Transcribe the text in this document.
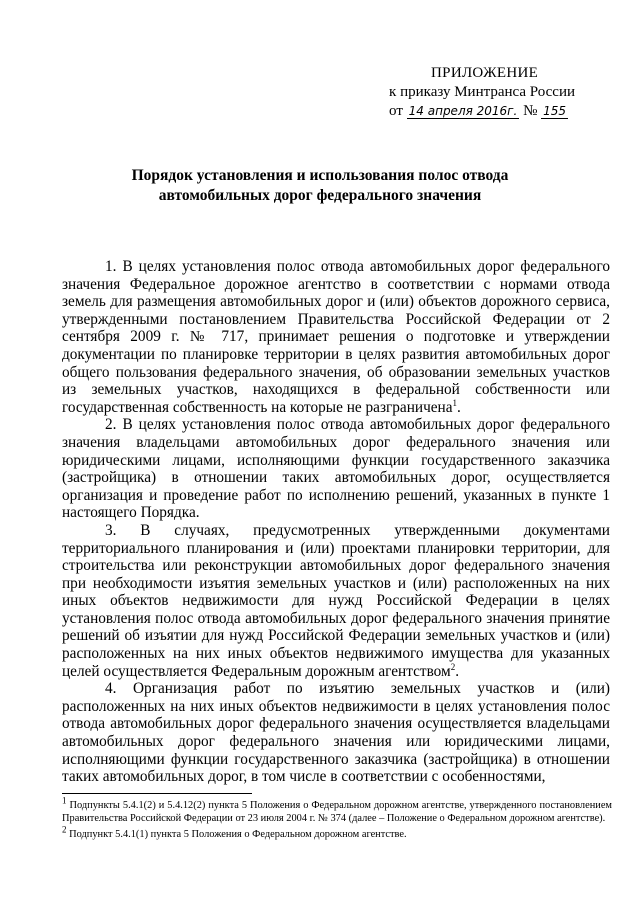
ПРИЛОЖЕНИЕ
к приказу Минтранса России
от 14 апреля 2016г. № 155
Порядок установления и использования полос отвода
автомобильных дорог федерального значения

1. В целях установления полос отвода автомобильных дорог федерального значения Федеральное дорожное агентство в соответствии с нормами отвода земель для размещения автомобильных дорог и (или) объектов дорожного сервиса, утвержденными постановлением Правительства Российской Федерации от 2 сентября 2009 г. № 717, принимает решения о подготовке и утверждении документации по планировке территории в целях развития автомобильных дорог общего пользования федерального значения, об образовании земельных участков из земельных участков, находящихся в федеральной собственности или государственная собственность на которые не разграничена$^1$.

2. В целях установления полос отвода автомобильных дорог федерального значения владельцами автомобильных дорог федерального значения или юридическими лицами, исполняющими функции государственного заказчика (застройщика) в отношении таких автомобильных дорог, осуществляется организация и проведение работ по исполнению решений, указанных в пункте 1 настоящего Порядка.

3. В случаях, предусмотренных утвержденными документами территориального планирования и (или) проектами планировки территории, для строительства или реконструкции автомобильных дорог федерального значения при необходимости изъятия земельных участков и (или) расположенных на них иных объектов недвижимости для нужд Российской Федерации в целях установления полос отвода автомобильных дорог федерального значения принятие решений об изъятии для нужд Российской Федерации земельных участков и (или) расположенных на них иных объектов недвижимого имущества для указанных целей осуществляется Федеральным дорожным агентством$^2$.

4. Организация работ по изъятию земельных участков и (или) расположенных на них иных объектов недвижимости в целях установления полос отвода автомобильных дорог федерального значения осуществляется владельцами автомобильных дорог федерального значения или юридическими лицами, исполняющими функции государственного заказчика (застройщика) в отношении таких автомобильных дорог, в том числе в соответствии с особенностями,

$^1$ Подпункты 5.4.1(2) и 5.4.12(2) пункта 5 Положения о Федеральном дорожном агентстве, утвержденного постановлением Правительства Российской Федерации от 23 июля 2004 г. № 374 (далее – Положение о Федеральном дорожном агентстве).

$^2$ Подпункт 5.4.1(1) пункта 5 Положения о Федеральном дорожном агентстве.
